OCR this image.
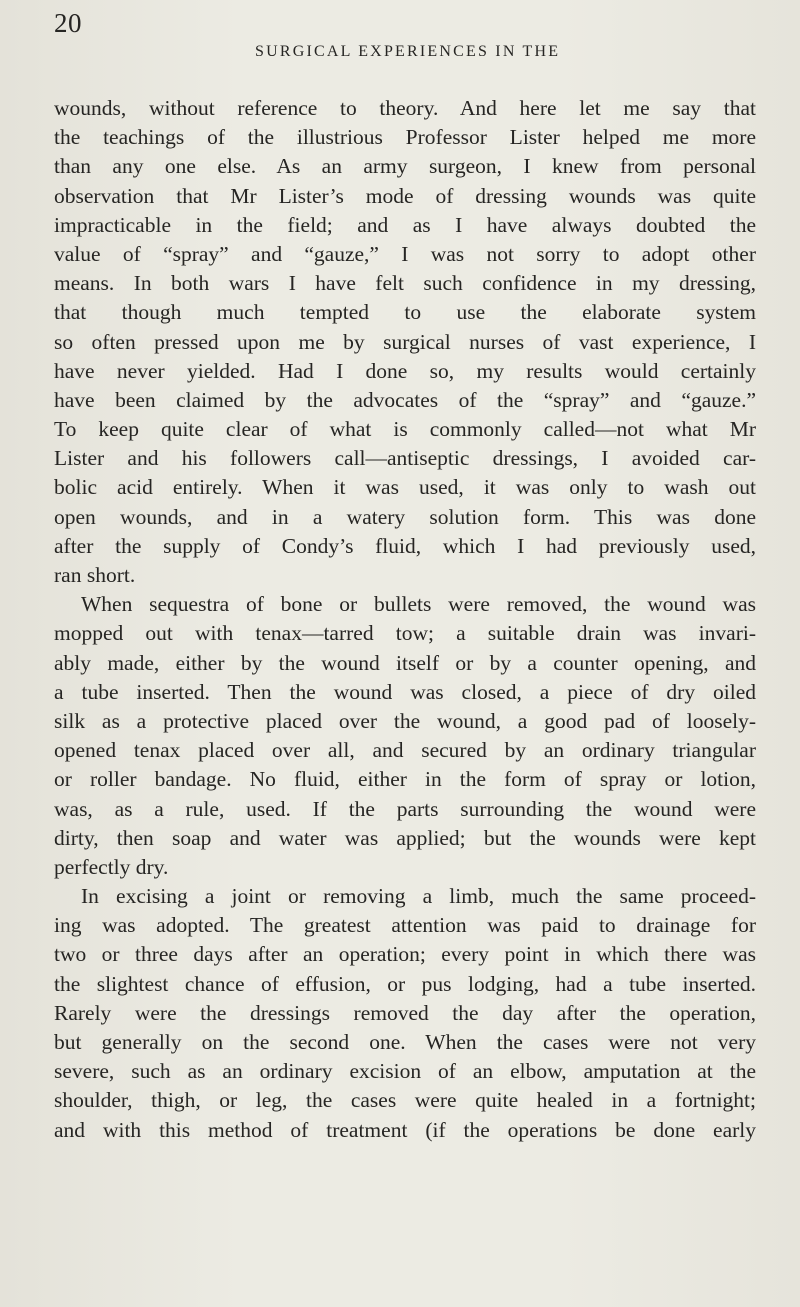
20
SURGICAL EXPERIENCES IN THE

wounds, without reference to theory. And here let me say that
the teachings of the illustrious Professor Lister helped me more
than any one else. As an army surgeon, I knew from personal
observation that Mr Lister’s mode of dressing wounds was quite
impracticable in the field; and as I have always doubted the
value of “spray” and “gauze,” I was not sorry to adopt other
means. In both wars I have felt such confidence in my dressing,
that though much tempted to use the elaborate system
so often pressed upon me by surgical nurses of vast experience, I
have never yielded. Had I done so, my results would certainly
have been claimed by the advocates of the “spray” and “gauze.”
To keep quite clear of what is commonly called—not what Mr
Lister and his followers call—antiseptic dressings, I avoided car-
bolic acid entirely. When it was used, it was only to wash out
open wounds, and in a watery solution form. This was done
after the supply of Condy’s fluid, which I had previously used,
ran short.

When sequestra of bone or bullets were removed, the wound was
mopped out with tenax—tarred tow; a suitable drain was invari-
ably made, either by the wound itself or by a counter opening, and
a tube inserted. Then the wound was closed, a piece of dry oiled
silk as a protective placed over the wound, a good pad of loosely-
opened tenax placed over all, and secured by an ordinary triangular
or roller bandage. No fluid, either in the form of spray or lotion,
was, as a rule, used. If the parts surrounding the wound were
dirty, then soap and water was applied; but the wounds were kept
perfectly dry.

In excising a joint or removing a limb, much the same proceed-
ing was adopted. The greatest attention was paid to drainage for
two or three days after an operation; every point in which there was
the slightest chance of effusion, or pus lodging, had a tube inserted.
Rarely were the dressings removed the day after the operation,
but generally on the second one. When the cases were not very
severe, such as an ordinary excision of an elbow, amputation at the
shoulder, thigh, or leg, the cases were quite healed in a fortnight;
and with this method of treatment (if the operations be done early
